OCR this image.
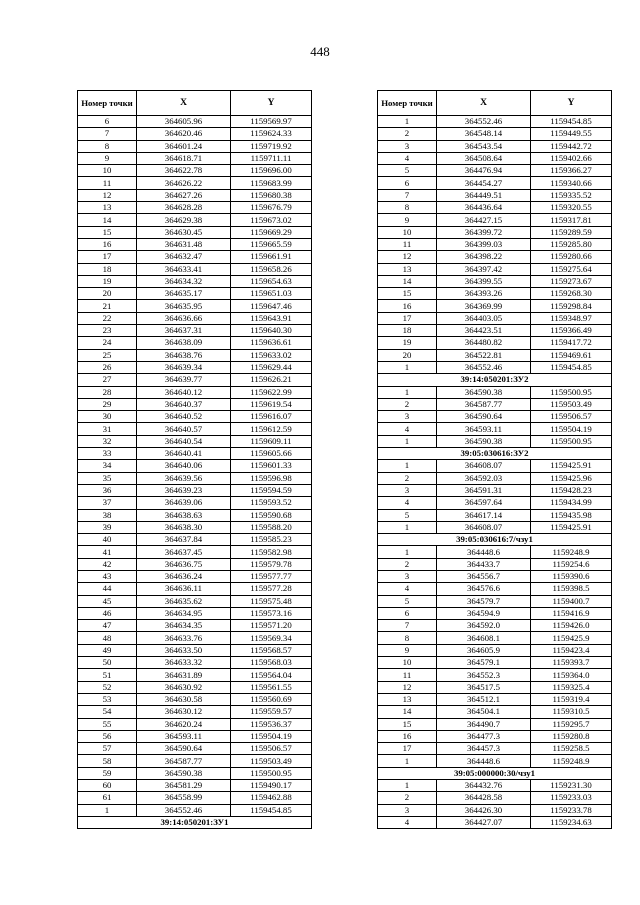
448
Номер точки	X	Y
6	364605.96	1159569.97
7	364620.46	1159624.33
8	364601.24	1159719.92
9	364618.71	1159711.11
10	364622.78	1159696.00
11	364626.22	1159683.99
12	364627.26	1159680.38
13	364628.28	1159676.79
14	364629.38	1159673.02
15	364630.45	1159669.29
16	364631.48	1159665.59
17	364632.47	1159661.91
18	364633.41	1159658.26
19	364634.32	1159654.63
20	364635.17	1159651.03
21	364635.95	1159647.46
22	364636.66	1159643.91
23	364637.31	1159640.30
24	364638.09	1159636.61
25	364638.76	1159633.02
26	364639.34	1159629.44
27	364639.77	1159626.21
28	364640.12	1159622.99
29	364640.37	1159619.54
30	364640.52	1159616.07
31	364640.57	1159612.59
32	364640.54	1159609.11
33	364640.41	1159605.66
34	364640.06	1159601.33
35	364639.56	1159596.98
36	364639.23	1159594.59
37	364639.06	1159593.52
38	364638.63	1159590.68
39	364638.30	1159588.20
40	364637.84	1159585.23
41	364637.45	1159582.98
42	364636.75	1159579.78
43	364636.24	1159577.77
44	364636.11	1159577.28
45	364635.62	1159575.48
46	364634.95	1159573.16
47	364634.35	1159571.20
48	364633.76	1159569.34
49	364633.50	1159568.57
50	364633.32	1159568.03
51	364631.89	1159564.04
52	364630.92	1159561.55
53	364630.58	1159560.69
54	364630.12	1159559.57
55	364620.24	1159536.37
56	364593.11	1159504.19
57	364590.64	1159506.57
58	364587.77	1159503.49
59	364590.38	1159500.95
60	364581.29	1159490.17
61	364558.99	1159462.88
1	364552.46	1159454.85
39:14:050201:ЗУ1		
Номер точки	X	Y
1	364552.46	1159454.85
2	364548.14	1159449.55
3	364543.54	1159442.72
4	364508.64	1159402.66
5	364476.94	1159366.27
6	364454.27	1159340.66
7	364449.51	1159335.52
8	364436.64	1159320.55
9	364427.15	1159317.81
10	364399.72	1159289.59
11	364399.03	1159285.80
12	364398.22	1159280.66
13	364397.42	1159275.64
14	364399.55	1159273.67
15	364393.26	1159268.30
16	364369.99	1159298.84
17	364403.05	1159348.97
18	364423.51	1159366.49
19	364480.82	1159417.72
20	364522.81	1159469.61
1	364552.46	1159454.85
39:14:050201:ЗУ2		
1	364590.38	1159500.95
2	364587.77	1159503.49
3	364590.64	1159506.57
4	364593.11	1159504.19
1	364590.38	1159500.95
39:05:030616:ЗУ2		
1	364608.07	1159425.91
2	364592.03	1159425.96
3	364591.31	1159428.23
4	364597.64	1159434.99
5	364617.14	1159435.98
1	364608.07	1159425.91
39:05:030616:7/чзу1		
1	364448.6	1159248.9
2	364433.7	1159254.6
3	364556.7	1159390.6
4	364576.6	1159398.5
5	364579.7	1159400.7
6	364594.9	1159416.9
7	364592.0	1159426.0
8	364608.1	1159425.9
9	364605.9	1159423.4
10	364579.1	1159393.7
11	364552.3	1159364.0
12	364517.5	1159325.4
13	364512.1	1159319.4
14	364504.1	1159310.5
15	364490.7	1159295.7
16	364477.3	1159280.8
17	364457.3	1159258.5
1	364448.6	1159248.9
39:05:000000:30/чзу1		
1	364432.76	1159231.30
2	364428.58	1159233.03
3	364426.30	1159233.78
4	364427.07	1159234.63
